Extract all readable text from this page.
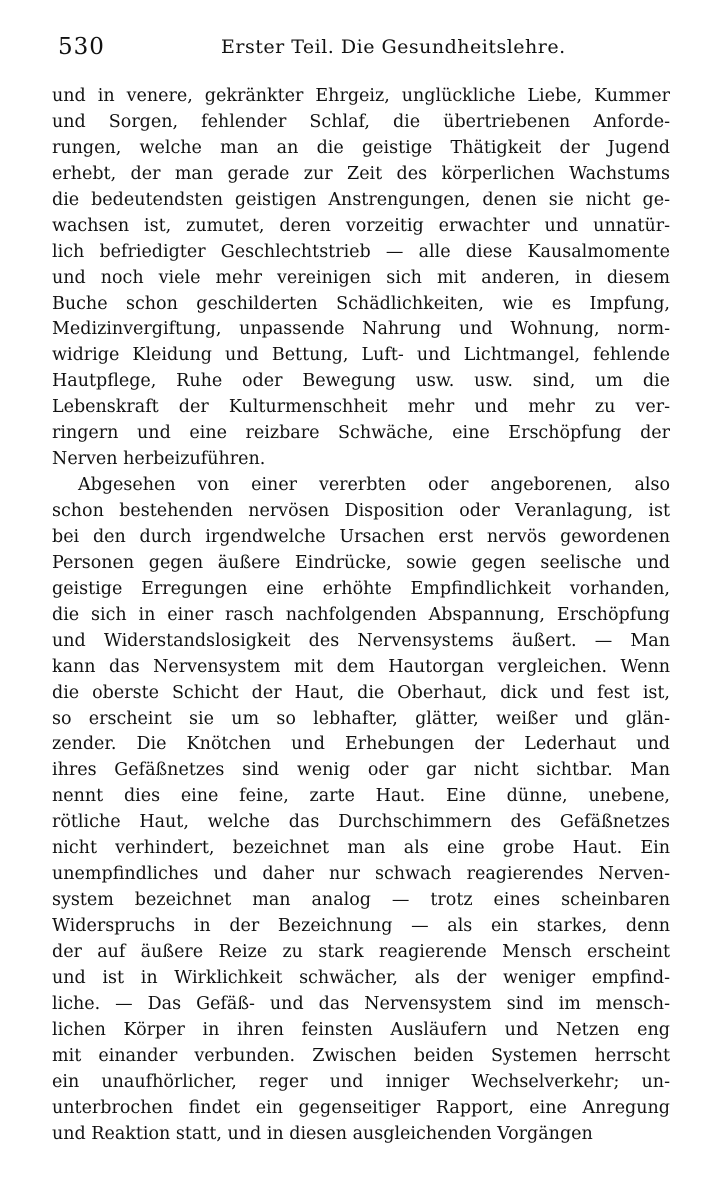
530	Erster Teil. Die Gesundheitslehre.
und in venere, gekränkter Ehrgeiz, unglückliche Liebe, Kummer
und Sorgen, fehlender Schlaf, die übertriebenen Anforde-
rungen, welche man an die geistige Thätigkeit der Jugend
erhebt, der man gerade zur Zeit des körperlichen Wachstums
die bedeutendsten geistigen Anstrengungen, denen sie nicht ge-
wachsen ist, zumutet, deren vorzeitig erwachter und unnatür-
lich befriedigter Geschlechtstrieb — alle diese Kausalmomente
und noch viele mehr vereinigen sich mit anderen, in diesem
Buche schon geschilderten Schädlichkeiten, wie es Impfung,
Medizinvergiftung, unpassende Nahrung und Wohnung, norm-
widrige Kleidung und Bettung, Luft- und Lichtmangel, fehlende
Hautpflege, Ruhe oder Bewegung usw. usw. sind, um die
Lebenskraft der Kulturmenschheit mehr und mehr zu ver-
ringern und eine reizbare Schwäche, eine Erschöpfung der
Nerven herbeizuführen.
Abgesehen von einer vererbten oder angeborenen, also
schon bestehenden nervösen Disposition oder Veranlagung, ist
bei den durch irgendwelche Ursachen erst nervös gewordenen
Personen gegen äußere Eindrücke, sowie gegen seelische und
geistige Erregungen eine erhöhte Empfindlichkeit vorhanden,
die sich in einer rasch nachfolgenden Abspannung, Erschöpfung
und Widerstandslosigkeit des Nervensystems äußert. — Man
kann das Nervensystem mit dem Hautorgan vergleichen. Wenn
die oberste Schicht der Haut, die Oberhaut, dick und fest ist,
so erscheint sie um so lebhafter, glätter, weißer und glän-
zender. Die Knötchen und Erhebungen der Lederhaut und
ihres Gefäßnetzes sind wenig oder gar nicht sichtbar. Man
nennt dies eine feine, zarte Haut. Eine dünne, unebene,
rötliche Haut, welche das Durchschimmern des Gefäßnetzes
nicht verhindert, bezeichnet man als eine grobe Haut. Ein
unempfindliches und daher nur schwach reagierendes Nerven-
system bezeichnet man analog — trotz eines scheinbaren
Widerspruchs in der Bezeichnung — als ein starkes, denn
der auf äußere Reize zu stark reagierende Mensch erscheint
und ist in Wirklichkeit schwächer, als der weniger empfind-
liche. — Das Gefäß- und das Nervensystem sind im mensch-
lichen Körper in ihren feinsten Ausläufern und Netzen eng
mit einander verbunden. Zwischen beiden Systemen herrscht
ein unaufhörlicher, reger und inniger Wechselverkehr; un-
unterbrochen findet ein gegenseitiger Rapport, eine Anregung
und Reaktion statt, und in diesen ausgleichenden Vorgängen
